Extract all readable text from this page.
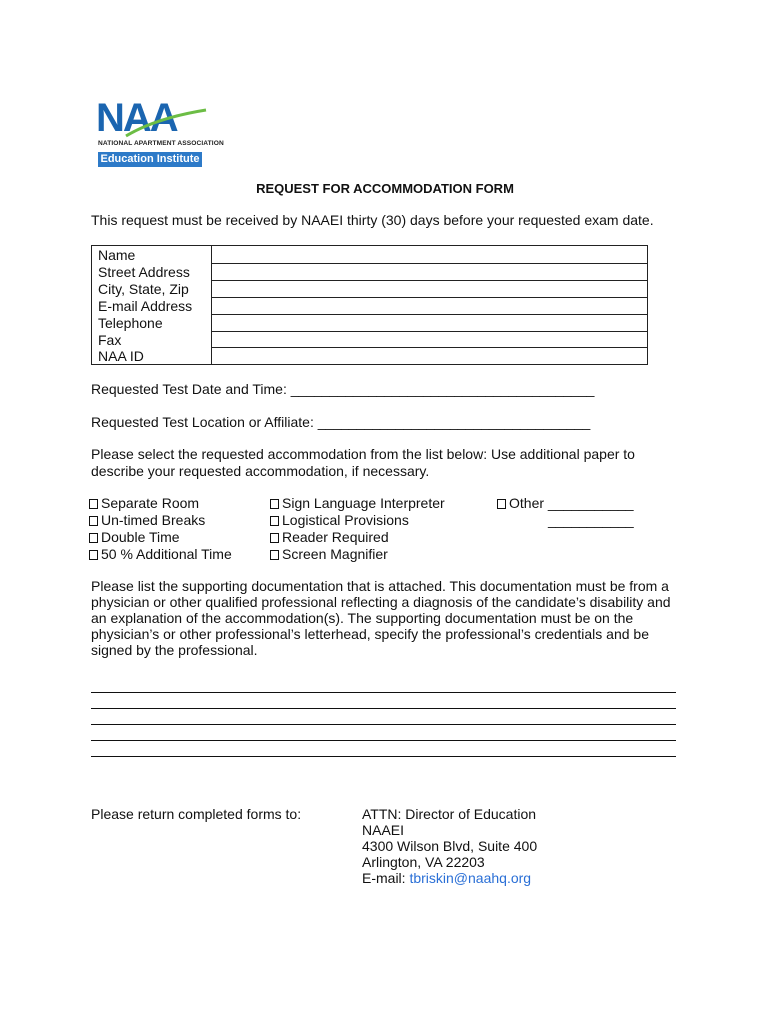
NAA
NATIONAL APARTMENT ASSOCIATION
Education Institute
REQUEST FOR ACCOMMODATION FORM
This request must be received by NAAEI thirty (30) days before your requested exam date.
Name
Street Address
City, State, Zip
E-mail Address
Telephone
Fax
NAA ID
Requested Test Date and Time: _______________________________________
Requested Test Location or Affiliate: ___________________________________
Please select the requested accommodation from the list below: Use additional paper to describe your requested accommodation, if necessary.
Separate Room
Un-timed Breaks
Double Time
50 % Additional Time
Sign Language Interpreter
Logistical Provisions
Reader Required
Screen Magnifier
Other ___________
___________
Please list the supporting documentation that is attached. This documentation must be from a physician or other qualified professional reflecting a diagnosis of the candidate’s disability and an explanation of the accommodation(s). The supporting documentation must be on the physician’s or other professional’s letterhead, specify the professional’s credentials and be signed by the professional.
Please return completed forms to:	ATTN: Director of Education
NAAEI
4300 Wilson Blvd, Suite 400
Arlington, VA 22203
E-mail: tbriskin@naahq.org
